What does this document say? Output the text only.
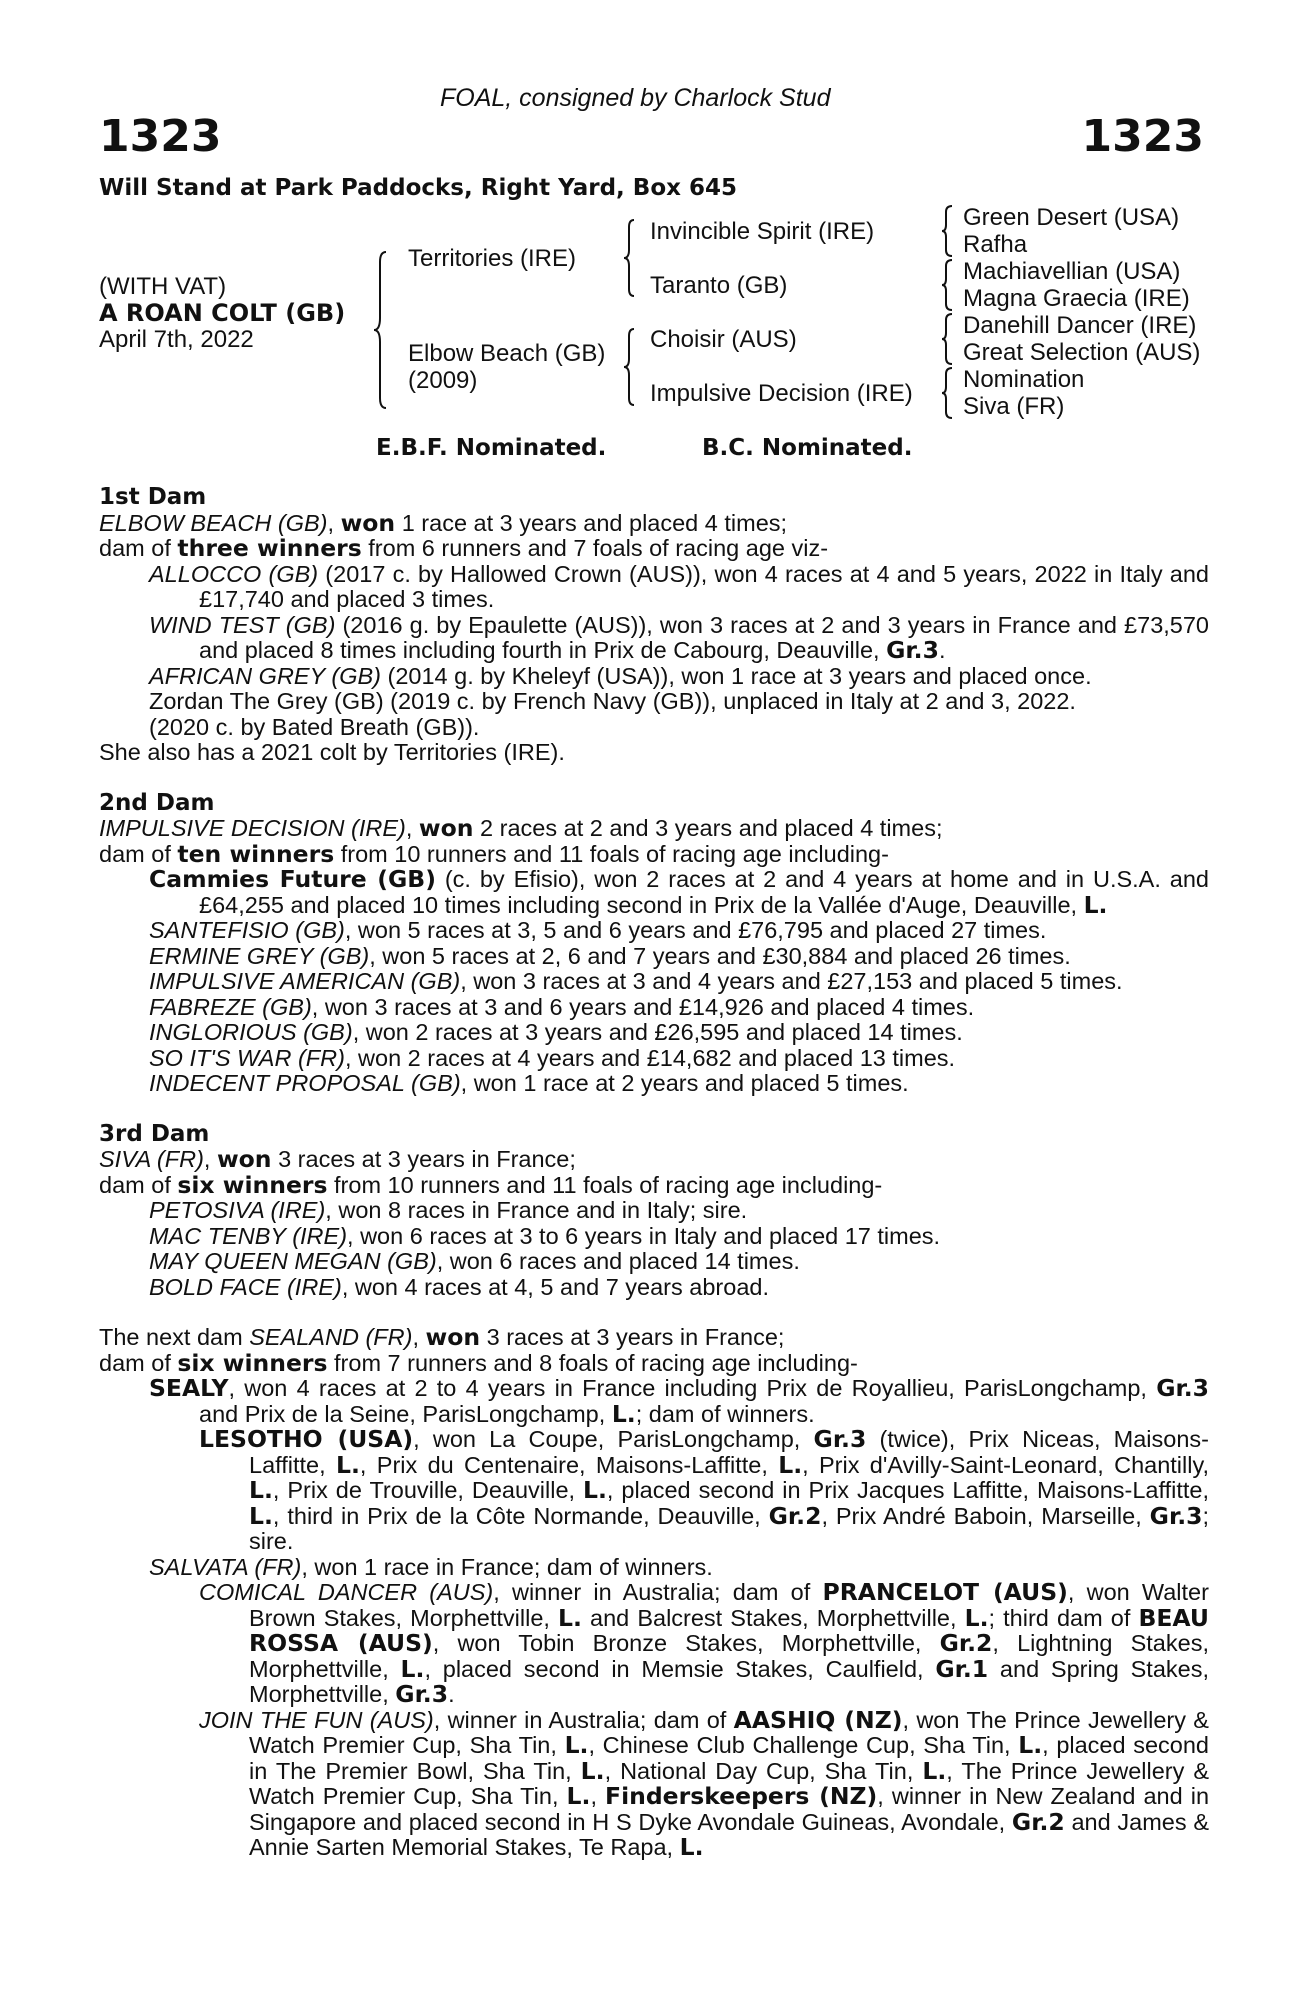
FOAL, consigned by Charlock Stud
1323	1323
Will Stand at Park Paddocks, Right Yard, Box 645
(WITH VAT)
A ROAN COLT (GB)
April 7th, 2022
Territories (IRE)
Elbow Beach (GB)
(2009)
Invincible Spirit (IRE)
Taranto (GB)
Choisir (AUS)
Impulsive Decision (IRE)
Green Desert (USA)
Rafha
Machiavellian (USA)
Magna Graecia (IRE)
Danehill Dancer (IRE)
Great Selection (AUS)
Nomination
Siva (FR)
E.B.F. Nominated.	B.C. Nominated.

1st Dam

ELBOW BEACH (GB), won 1 race at 3 years and placed 4 times;

dam of three winners from 6 runners and 7 foals of racing age viz-

ALLOCCO (GB) (2017 c. by Hallowed Crown (AUS)), won 4 races at 4 and 5 years, 2022 in Italy and £17,740 and placed 3 times.

WIND TEST (GB) (2016 g. by Epaulette (AUS)), won 3 races at 2 and 3 years in France and £73,570 and placed 8 times including fourth in Prix de Cabourg, Deauville, Gr.3.

AFRICAN GREY (GB) (2014 g. by Kheleyf (USA)), won 1 race at 3 years and placed once.

Zordan The Grey (GB) (2019 c. by French Navy (GB)), unplaced in Italy at 2 and 3, 2022.

(2020 c. by Bated Breath (GB)).

She also has a 2021 colt by Territories (IRE).

2nd Dam

IMPULSIVE DECISION (IRE), won 2 races at 2 and 3 years and placed 4 times;

dam of ten winners from 10 runners and 11 foals of racing age including-

Cammies Future (GB) (c. by Efisio), won 2 races at 2 and 4 years at home and in U.S.A. and £64,255 and placed 10 times including second in Prix de la Vallée d'Auge, Deauville, L.

SANTEFISIO (GB), won 5 races at 3, 5 and 6 years and £76,795 and placed 27 times.

ERMINE GREY (GB), won 5 races at 2, 6 and 7 years and £30,884 and placed 26 times.

IMPULSIVE AMERICAN (GB), won 3 races at 3 and 4 years and £27,153 and placed 5 times.

FABREZE (GB), won 3 races at 3 and 6 years and £14,926 and placed 4 times.

INGLORIOUS (GB), won 2 races at 3 years and £26,595 and placed 14 times.

SO IT'S WAR (FR), won 2 races at 4 years and £14,682 and placed 13 times.

INDECENT PROPOSAL (GB), won 1 race at 2 years and placed 5 times.

3rd Dam

SIVA (FR), won 3 races at 3 years in France;

dam of six winners from 10 runners and 11 foals of racing age including-

PETOSIVA (IRE), won 8 races in France and in Italy; sire.

MAC TENBY (IRE), won 6 races at 3 to 6 years in Italy and placed 17 times.

MAY QUEEN MEGAN (GB), won 6 races and placed 14 times.

BOLD FACE (IRE), won 4 races at 4, 5 and 7 years abroad.

The next dam SEALAND (FR), won 3 races at 3 years in France;

dam of six winners from 7 runners and 8 foals of racing age including-

SEALY, won 4 races at 2 to 4 years in France including Prix de Royallieu, ParisLongchamp, Gr.3 and Prix de la Seine, ParisLongchamp, L.; dam of winners.

LESOTHO (USA), won La Coupe, ParisLongchamp, Gr.3 (twice), Prix Niceas, Maisons-Laffitte, L., Prix du Centenaire, Maisons-Laffitte, L., Prix d'Avilly-Saint-Leonard, Chantilly, L., Prix de Trouville, Deauville, L., placed second in Prix Jacques Laffitte, Maisons-Laffitte, L., third in Prix de la Côte Normande, Deauville, Gr.2, Prix André Baboin, Marseille, Gr.3; sire.

SALVATA (FR), won 1 race in France; dam of winners.

COMICAL DANCER (AUS), winner in Australia; dam of PRANCELOT (AUS), won Walter Brown Stakes, Morphettville, L. and Balcrest Stakes, Morphettville, L.; third dam of BEAU ROSSA (AUS), won Tobin Bronze Stakes, Morphettville, Gr.2, Lightning Stakes, Morphettville, L., placed second in Memsie Stakes, Caulfield, Gr.1 and Spring Stakes, Morphettville, Gr.3.

JOIN THE FUN (AUS), winner in Australia; dam of AASHIQ (NZ), won The Prince Jewellery & Watch Premier Cup, Sha Tin, L., Chinese Club Challenge Cup, Sha Tin, L., placed second in The Premier Bowl, Sha Tin, L., National Day Cup, Sha Tin, L., The Prince Jewellery & Watch Premier Cup, Sha Tin, L., Finderskeepers (NZ), winner in New Zealand and in Singapore and placed second in H S Dyke Avondale Guineas, Avondale, Gr.2 and James & Annie Sarten Memorial Stakes, Te Rapa, L.
